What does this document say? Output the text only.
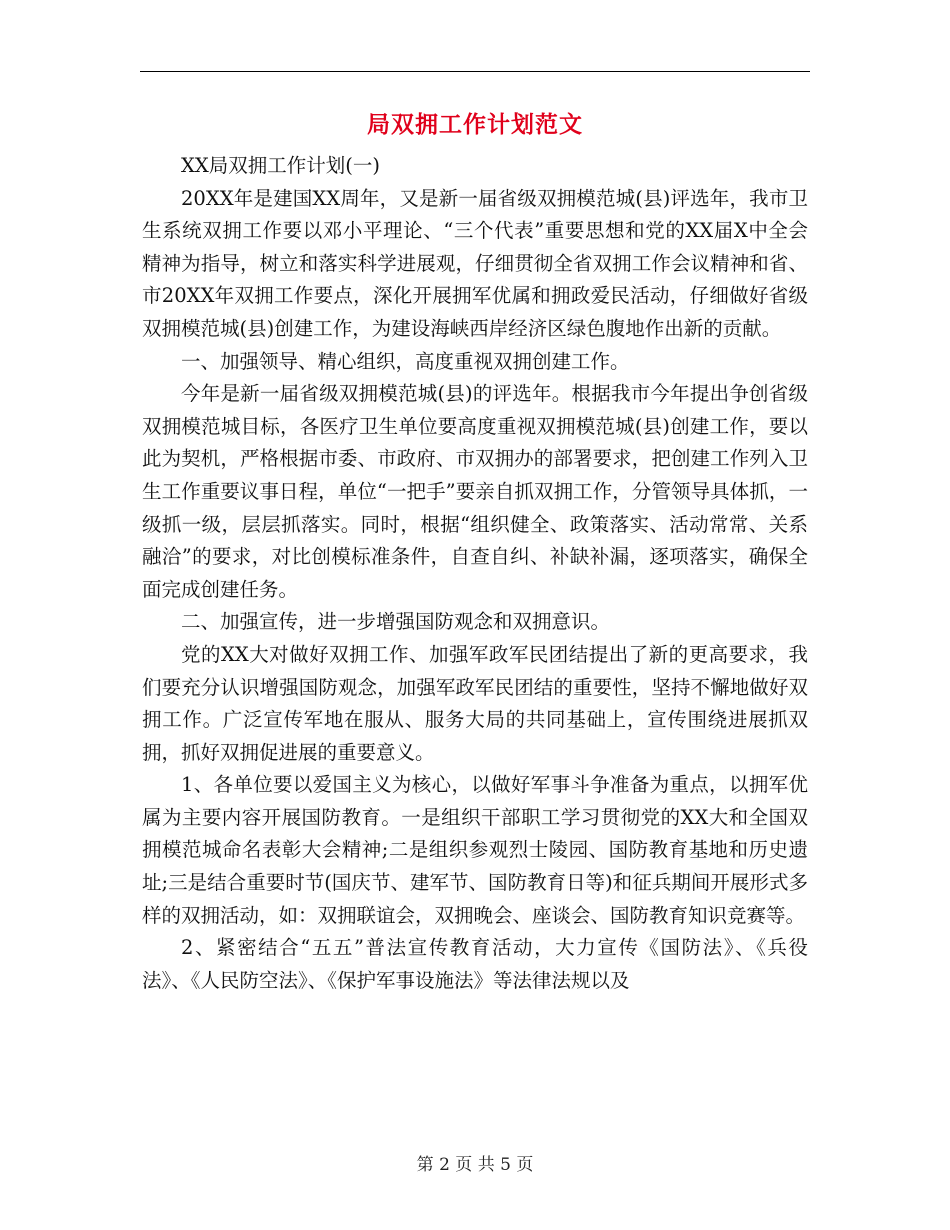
局双拥工作计划范文

XX局双拥工作计划(一)

20XX年是建国XX周年，又是新一届省级双拥模范城(县)评选年，我市卫生系统双拥工作要以邓小平理论、“三个代表”重要思想和党的XX届X中全会精神为指导，树立和落实科学进展观，仔细贯彻全省双拥工作会议精神和省、市20XX年双拥工作要点，深化开展拥军优属和拥政爱民活动，仔细做好省级双拥模范城(县)创建工作，为建设海峡西岸经济区绿色腹地作出新的贡献。

一、加强领导、精心组织，高度重视双拥创建工作。

今年是新一届省级双拥模范城(县)的评选年。根据我市今年提出争创省级双拥模范城目标，各医疗卫生单位要高度重视双拥模范城(县)创建工作，要以此为契机，严格根据市委、市政府、市双拥办的部署要求，把创建工作列入卫生工作重要议事日程，单位“一把手”要亲自抓双拥工作，分管领导具体抓，一级抓一级，层层抓落实。同时，根据“组织健全、政策落实、活动常常、关系融洽”的要求，对比创模标准条件，自查自纠、补缺补漏，逐项落实，确保全面完成创建任务。

二、加强宣传，进一步增强国防观念和双拥意识。

党的XX大对做好双拥工作、加强军政军民团结提出了新的更高要求，我们要充分认识增强国防观念，加强军政军民团结的重要性，坚持不懈地做好双拥工作。广泛宣传军地在服从、服务大局的共同基础上，宣传围绕进展抓双拥，抓好双拥促进展的重要意义。

1、各单位要以爱国主义为核心，以做好军事斗争准备为重点，以拥军优属为主要内容开展国防教育。一是组织干部职工学习贯彻党的XX大和全国双拥模范城命名表彰大会精神;二是组织参观烈士陵园、国防教育基地和历史遗址;三是结合重要时节(国庆节、建军节、国防教育日等)和征兵期间开展形式多样的双拥活动，如：双拥联谊会，双拥晚会、座谈会、国防教育知识竞赛等。

2、紧密结合“五五”普法宣传教育活动，大力宣传《国防法》、《兵役法》、《人民防空法》、《保护军事设施法》等法律法规以及

第 2 页 共 5 页
